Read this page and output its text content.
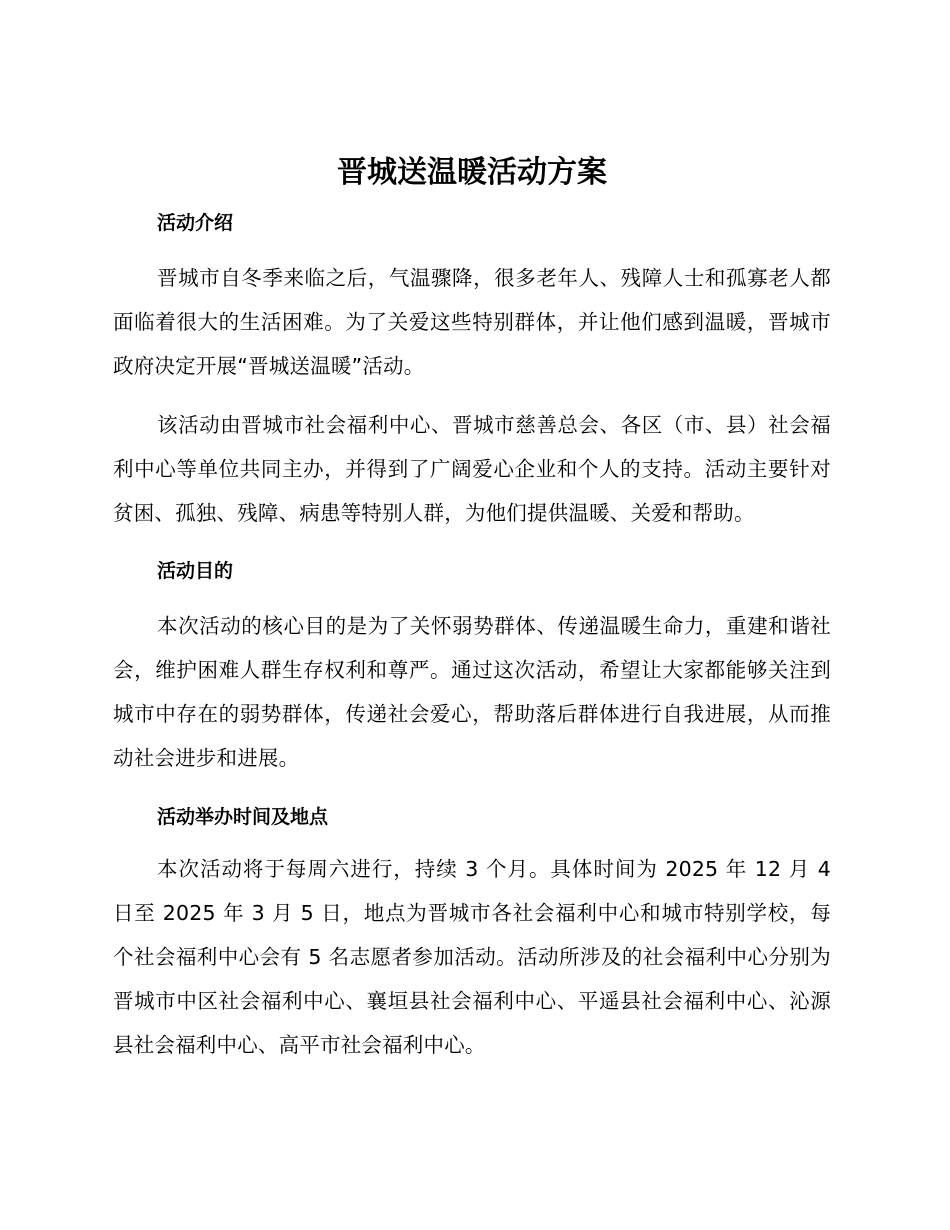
晋城送温暖活动方案
活动介绍

晋城市自冬季来临之后，气温骤降，很多老年人、残障人士和孤寡老人都面临着很大的生活困难。为了关爱这些特别群体，并让他们感到温暖，晋城市政府决定开展“晋城送温暖”活动。

该活动由晋城市社会福利中心、晋城市慈善总会、各区（市、县）社会福利中心等单位共同主办，并得到了广阔爱心企业和个人的支持。活动主要针对贫困、孤独、残障、病患等特别人群，为他们提供温暖、关爱和帮助。

活动目的

本次活动的核心目的是为了关怀弱势群体、传递温暖生命力，重建和谐社会，维护困难人群生存权利和尊严。通过这次活动，希望让大家都能够关注到城市中存在的弱势群体，传递社会爱心，帮助落后群体进行自我进展，从而推动社会进步和进展。

活动举办时间及地点

本次活动将于每周六进行，持续 3 个月。具体时间为 2025 年 12 月 4 日至 2025 年 3 月 5 日，地点为晋城市各社会福利中心和城市特别学校，每个社会福利中心会有 5 名志愿者参加活动。活动所涉及的社会福利中心分别为晋城市中区社会福利中心、襄垣县社会福利中心、平遥县社会福利中心、沁源县社会福利中心、高平市社会福利中心。
